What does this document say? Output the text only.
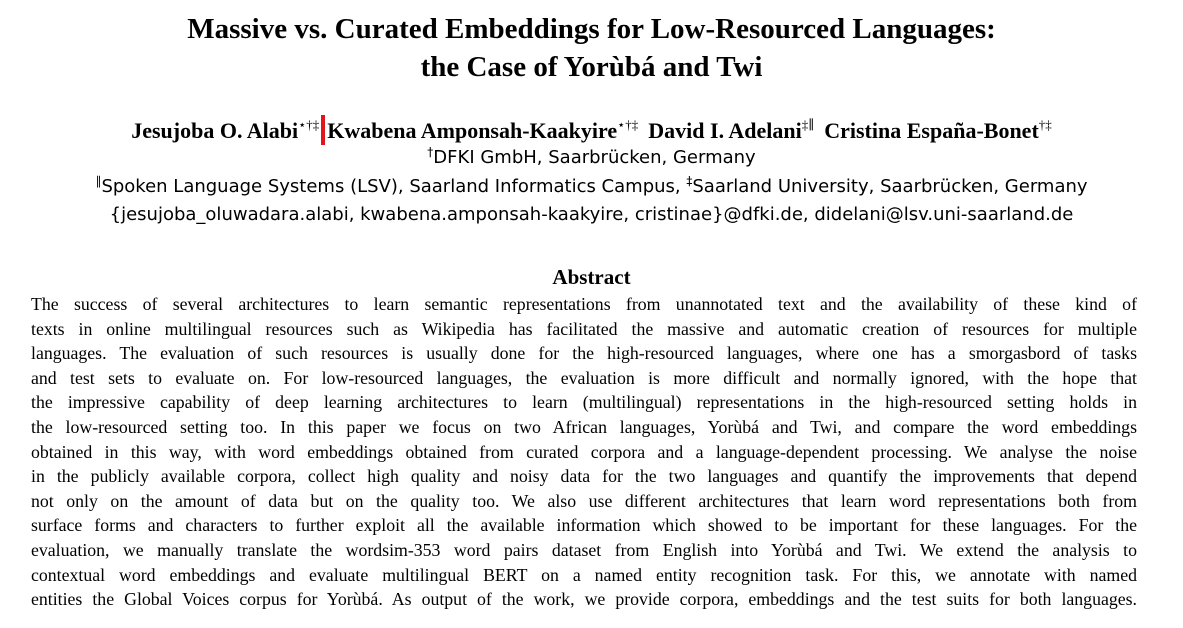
Massive vs. Curated Embeddings for Low-Resourced Languages:
the Case of Yorùbá and Twi
Jesujoba O. Alabi⋆†‡ Kwabena Amponsah-Kaakyire⋆†‡ David I. Adelani‡∥ Cristina España-Bonet†‡
†DFKI GmbH, Saarbrücken, Germany
∥Spoken Language Systems (LSV), Saarland Informatics Campus, ‡Saarland University, Saarbrücken, Germany
{jesujoba_oluwadara.alabi, kwabena.amponsah-kaakyire, cristinae}@dfki.de, didelani@lsv.uni-saarland.de
Abstract
The success of several architectures to learn semantic representations from unannotated text and the availability of these kind of
texts in online multilingual resources such as Wikipedia has facilitated the massive and automatic creation of resources for multiple
languages. The evaluation of such resources is usually done for the high-resourced languages, where one has a smorgasbord of tasks
and test sets to evaluate on. For low-resourced languages, the evaluation is more difficult and normally ignored, with the hope that
the impressive capability of deep learning architectures to learn (multilingual) representations in the high-resourced setting holds in
the low-resourced setting too. In this paper we focus on two African languages, Yorùbá and Twi, and compare the word embeddings
obtained in this way, with word embeddings obtained from curated corpora and a language-dependent processing. We analyse the noise
in the publicly available corpora, collect high quality and noisy data for the two languages and quantify the improvements that depend
not only on the amount of data but on the quality too. We also use different architectures that learn word representations both from
surface forms and characters to further exploit all the available information which showed to be important for these languages. For the
evaluation, we manually translate the wordsim-353 word pairs dataset from English into Yorùbá and Twi. We extend the analysis to
contextual word embeddings and evaluate multilingual BERT on a named entity recognition task. For this, we annotate with named
entities the Global Voices corpus for Yorùbá. As output of the work, we provide corpora, embeddings and the test suits for both languages.
